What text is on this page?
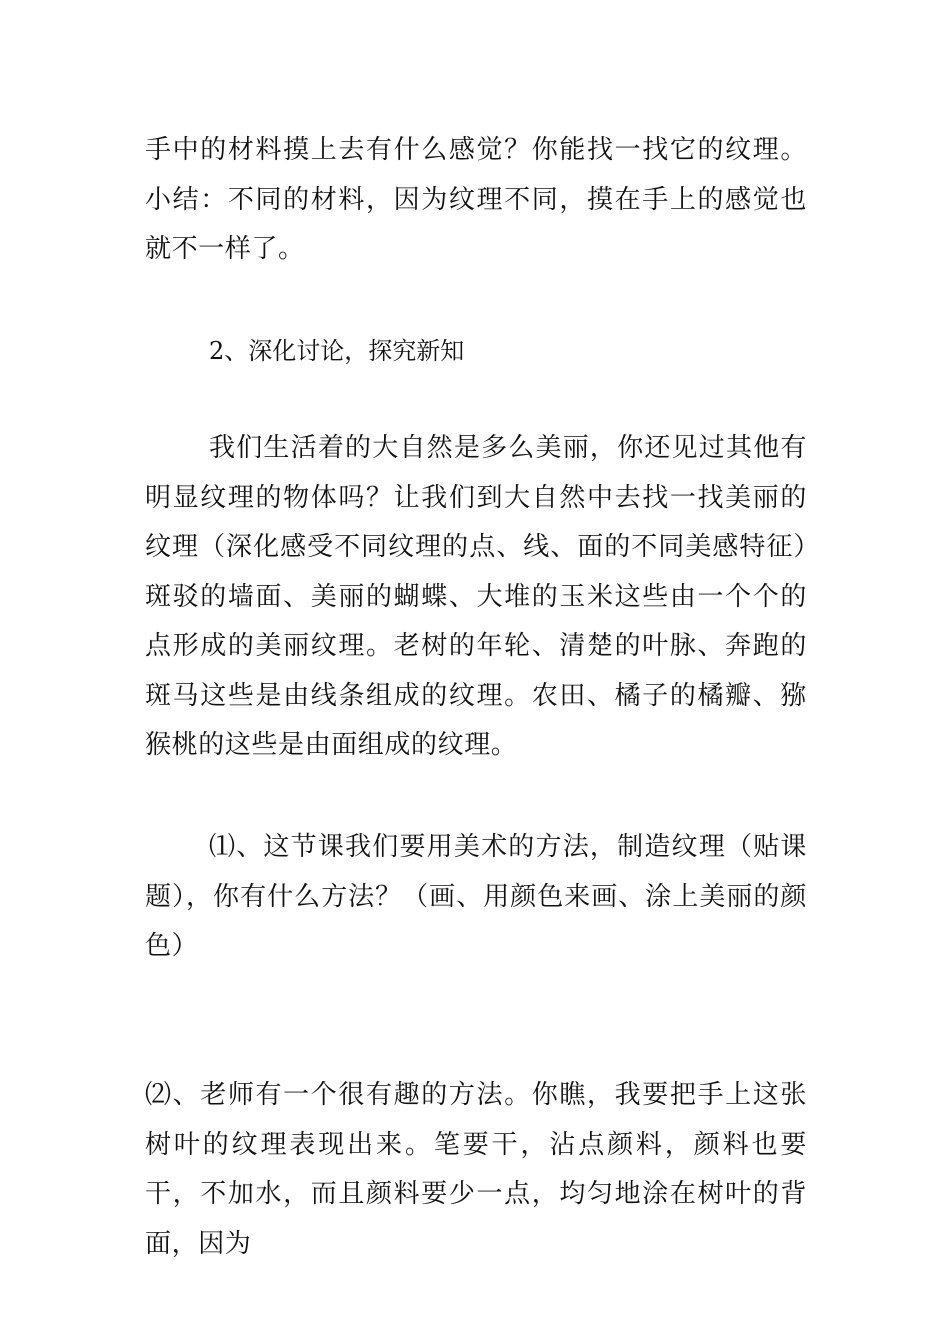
手中的材料摸上去有什么感觉？你能找一找它的纹理。小结：不同的材料，因为纹理不同，摸在手上的感觉也就不一样了。

2、深化讨论，探究新知

我们生活着的大自然是多么美丽，你还见过其他有明显纹理的物体吗？让我们到大自然中去找一找美丽的纹理（深化感受不同纹理的点、线、面的不同美感特征）斑驳的墙面、美丽的蝴蝶、大堆的玉米这些由一个个的点形成的美丽纹理。老树的年轮、清楚的叶脉、奔跑的斑马这些是由线条组成的纹理。农田、橘子的橘瓣、猕猴桃的这些是由面组成的纹理。

⑴、这节课我们要用美术的方法，制造纹理（贴课题），你有什么方法？（画、用颜色来画、涂上美丽的颜色）

⑵、老师有一个很有趣的方法。你瞧，我要把手上这张树叶的纹理表现出来。笔要干，沾点颜料，颜料也要干，不加水，而且颜料要少一点，均匀地涂在树叶的背面，因为
